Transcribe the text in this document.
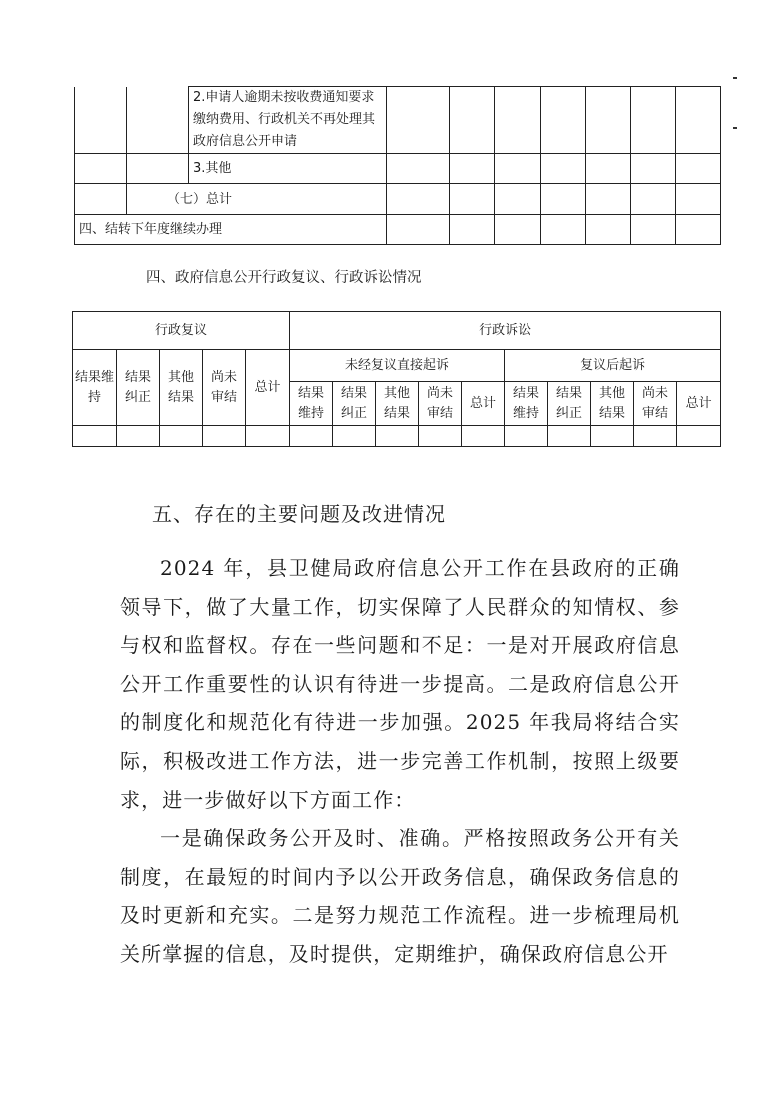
		2.申请人逾期未按收费通知要求缴纳费用、行政机关不再处理其政府信息公开申请							
		3.其他							
	（七）总计								
四、结转下年度继续办理									
四、政府信息公开行政复议、行政诉讼情况
行政复议					行政诉讼									
结果维持	结果纠正	其他结果	尚未审结	总计	未经复议直接起诉					复议后起诉				
					结果维持	结果纠正	其他结果	尚未审结	总计	结果维持	结果纠正	其他结果	尚未审结	总计

五、存在的主要问题及改进情况

2024 年，县卫健局政府信息公开工作在县政府的正确领导下，做了大量工作，切实保障了人民群众的知情权、参与权和监督权。存在一些问题和不足：一是对开展政府信息公开工作重要性的认识有待进一步提高。二是政府信息公开的制度化和规范化有待进一步加强。2025 年我局将结合实际，积极改进工作方法，进一步完善工作机制，按照上级要求，进一步做好以下方面工作：

一是确保政务公开及时、准确。严格按照政务公开有关制度，在最短的时间内予以公开政务信息，确保政务信息的及时更新和充实。二是努力规范工作流程。进一步梳理局机关所掌握的信息，及时提供，定期维护，确保政府信息公开
